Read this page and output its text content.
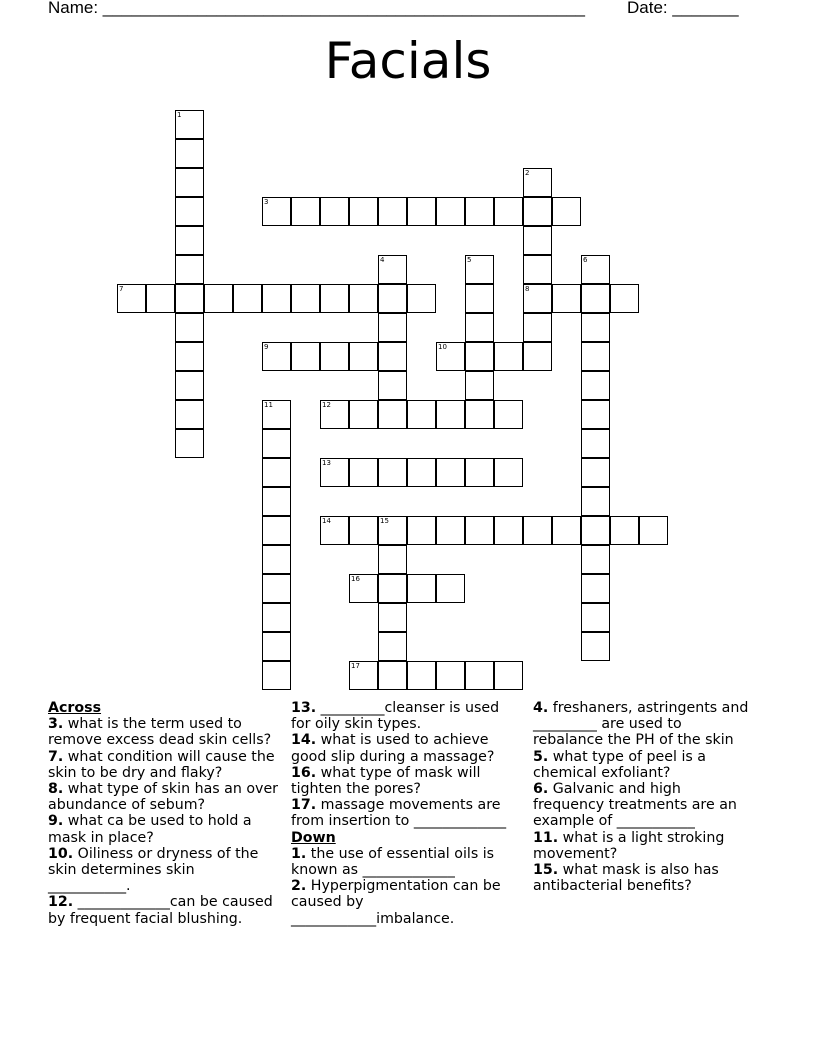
Name: ___________________________________________________ Date: _______
Facials
1
2
8
3
4	5	6
7
9	10
11	12
13
14	15
16
17
Across
3. what is the term used to remove excess dead skin cells?
7. what condition will cause the skin to be dry and flaky?
8. what type of skin has an over abundance of sebum?
9. what ca be used to hold a mask in place?
10. Oiliness or dryness of the skin determines skin ___________.
12. _____________can be caused by frequent facial blushing.
13. _________cleanser is used for oily skin types.
14. what is used to achieve good slip during a massage?
16. what type of mask will tighten the pores?
17. massage movements are from insertion to _____________
Down
1. the use of essential oils is known as _____________
2. Hyperpigmentation can be caused by ____________imbalance.
4. freshaners, astringents and _________ are used to rebalance the PH of the skin
5. what type of peel is a chemical exfoliant?
6. Galvanic and high frequency treatments are an example of ___________
11. what is a light stroking movement?
15. what mask is also has antibacterial benefits?
